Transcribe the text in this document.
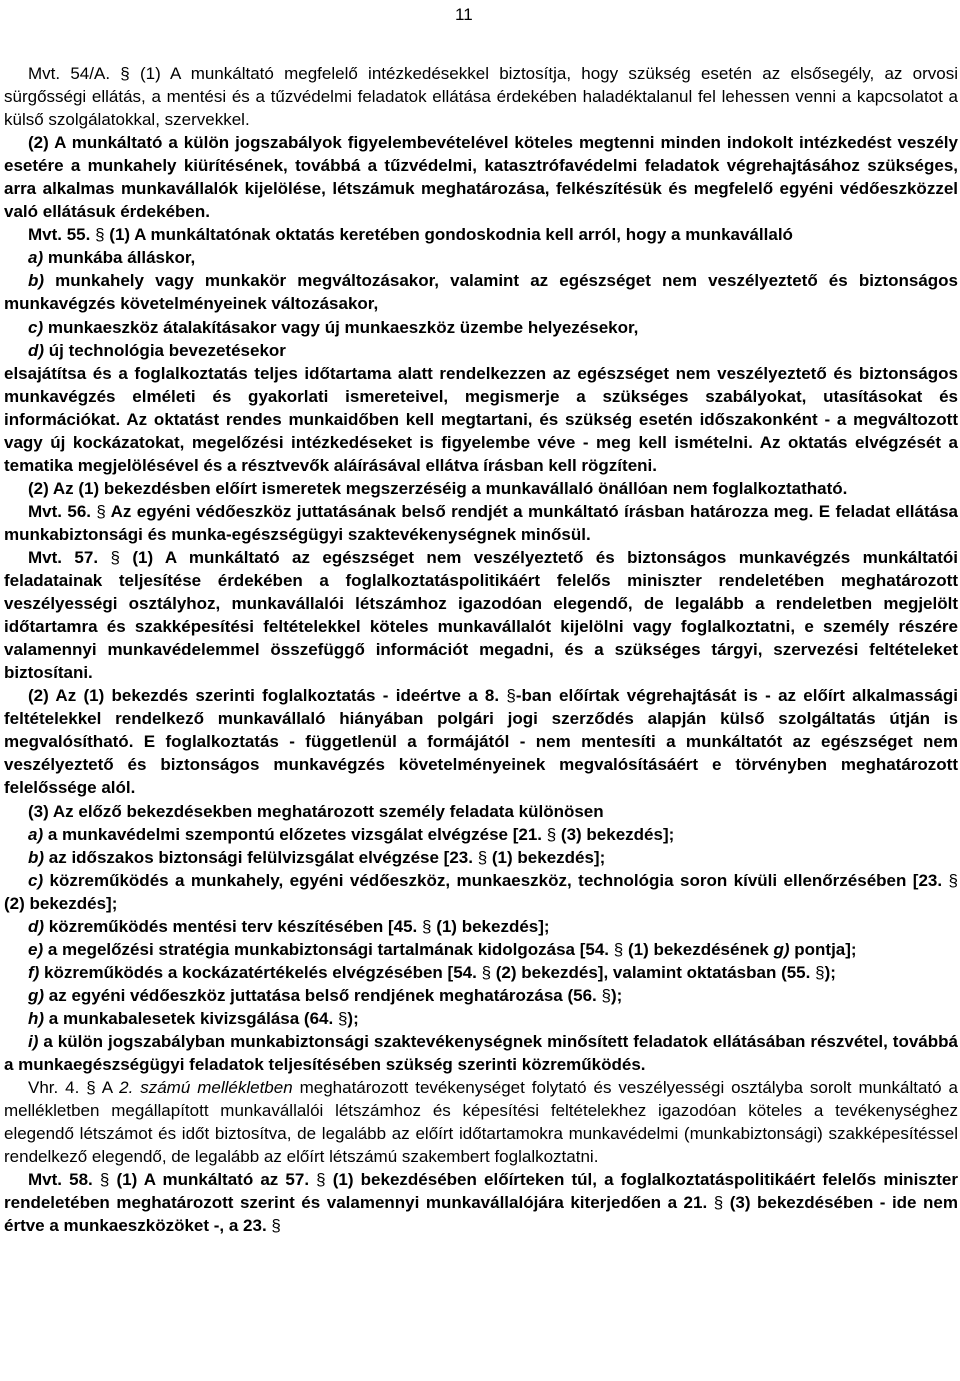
11

Mvt. 54/A. § (1) A munkáltató megfelelő intézkedésekkel biztosítja, hogy szükség esetén az elsősegély, az orvosi sürgősségi ellátás, a mentési és a tűzvédelmi feladatok ellátása érdekében haladéktalanul fel lehessen venni a kapcsolatot a külső szolgálatokkal, szervekkel.

(2) A munkáltató a külön jogszabályok figyelembevételével köteles megtenni minden indokolt intézkedést veszély esetére a munkahely kiürítésének, továbbá a tűzvédelmi, katasztrófavédelmi feladatok végrehajtásához szükséges, arra alkalmas munkavállalók kijelölése, létszámuk meghatározása, felkészítésük és megfelelő egyéni védőeszközzel való ellátásuk érdekében.

Mvt. 55. § (1) A munkáltatónak oktatás keretében gondoskodnia kell arról, hogy a munkavállaló

a) munkába álláskor,

b) munkahely vagy munkakör megváltozásakor, valamint az egészséget nem veszélyeztető és biztonságos munkavégzés követelményeinek változásakor,

c) munkaeszköz átalakításakor vagy új munkaeszköz üzembe helyezésekor,

d) új technológia bevezetésekor

elsajátítsa és a foglalkoztatás teljes időtartama alatt rendelkezzen az egészséget nem veszélyeztető és biztonságos munkavégzés elméleti és gyakorlati ismereteivel, megismerje a szükséges szabályokat, utasításokat és információkat. Az oktatást rendes munkaidőben kell megtartani, és szükség esetén időszakonként - a megváltozott vagy új kockázatokat, megelőzési intézkedéseket is figyelembe véve - meg kell ismételni. Az oktatás elvégzését a tematika megjelölésével és a résztvevők aláírásával ellátva írásban kell rögzíteni.

(2) Az (1) bekezdésben előírt ismeretek megszerzéséig a munkavállaló önállóan nem foglalkoztatható.

Mvt. 56. § Az egyéni védőeszköz juttatásának belső rendjét a munkáltató írásban határozza meg. E feladat ellátása munkabiztonsági és munka-egészségügyi szaktevékenységnek minősül.

Mvt. 57. § (1) A munkáltató az egészséget nem veszélyeztető és biztonságos munkavégzés munkáltatói feladatainak teljesítése érdekében a foglalkoztatáspolitikáért felelős miniszter rendeletében meghatározott veszélyességi osztályhoz, munkavállalói létszámhoz igazodóan elegendő, de legalább a rendeletben megjelölt időtartamra és szakképesítési feltételekkel köteles munkavállalót kijelölni vagy foglalkoztatni, e személy részére valamennyi munkavédelemmel összefüggő információt megadni, és a szükséges tárgyi, szervezési feltételeket biztosítani.

(2) Az (1) bekezdés szerinti foglalkoztatás - ideértve a 8. §-ban előírtak végrehajtását is - az előírt alkalmassági feltételekkel rendelkező munkavállaló hiányában polgári jogi szerződés alapján külső szolgáltatás útján is megvalósítható. E foglalkoztatás - függetlenül a formájától - nem mentesíti a munkáltatót az egészséget nem veszélyeztető és biztonságos munkavégzés követelményeinek megvalósításáért e törvényben meghatározott felelőssége alól.

(3) Az előző bekezdésekben meghatározott személy feladata különösen

a) a munkavédelmi szempontú előzetes vizsgálat elvégzése [21. § (3) bekezdés];

b) az időszakos biztonsági felülvizsgálat elvégzése [23. § (1) bekezdés];

c) közreműködés a munkahely, egyéni védőeszköz, munkaeszköz, technológia soron kívüli ellenőrzésében [23. § (2) bekezdés];

d) közreműködés mentési terv készítésében [45. § (1) bekezdés];

e) a megelőzési stratégia munkabiztonsági tartalmának kidolgozása [54. § (1) bekezdésének g) pontja];

f) közreműködés a kockázatértékelés elvégzésében [54. § (2) bekezdés], valamint oktatásban (55. §);

g) az egyéni védőeszköz juttatása belső rendjének meghatározása (56. §);

h) a munkabalesetek kivizsgálása (64. §);

i) a külön jogszabályban munkabiztonsági szaktevékenységnek minősített feladatok ellátásában részvétel, továbbá a munkaegészségügyi feladatok teljesítésében szükség szerinti közreműködés.

Vhr. 4. § A 2. számú mellékletben meghatározott tevékenységet folytató és veszélyességi osztályba sorolt munkáltató a mellékletben megállapított munkavállalói létszámhoz és képesítési feltételekhez igazodóan köteles a tevékenységhez elegendő létszámot és időt biztosítva, de legalább az előírt időtartamokra munkavédelmi (munkabiztonsági) szakképesítéssel rendelkező elegendő, de legalább az előírt létszámú szakembert foglalkoztatni.

Mvt. 58. § (1) A munkáltató az 57. § (1) bekezdésében előírteken túl, a foglalkoztatáspolitikáért felelős miniszter rendeletében meghatározott szerint és valamennyi munkavállalójára kiterjedően a 21. § (3) bekezdésében - ide nem értve a munkaeszközöket -, a 23. §
